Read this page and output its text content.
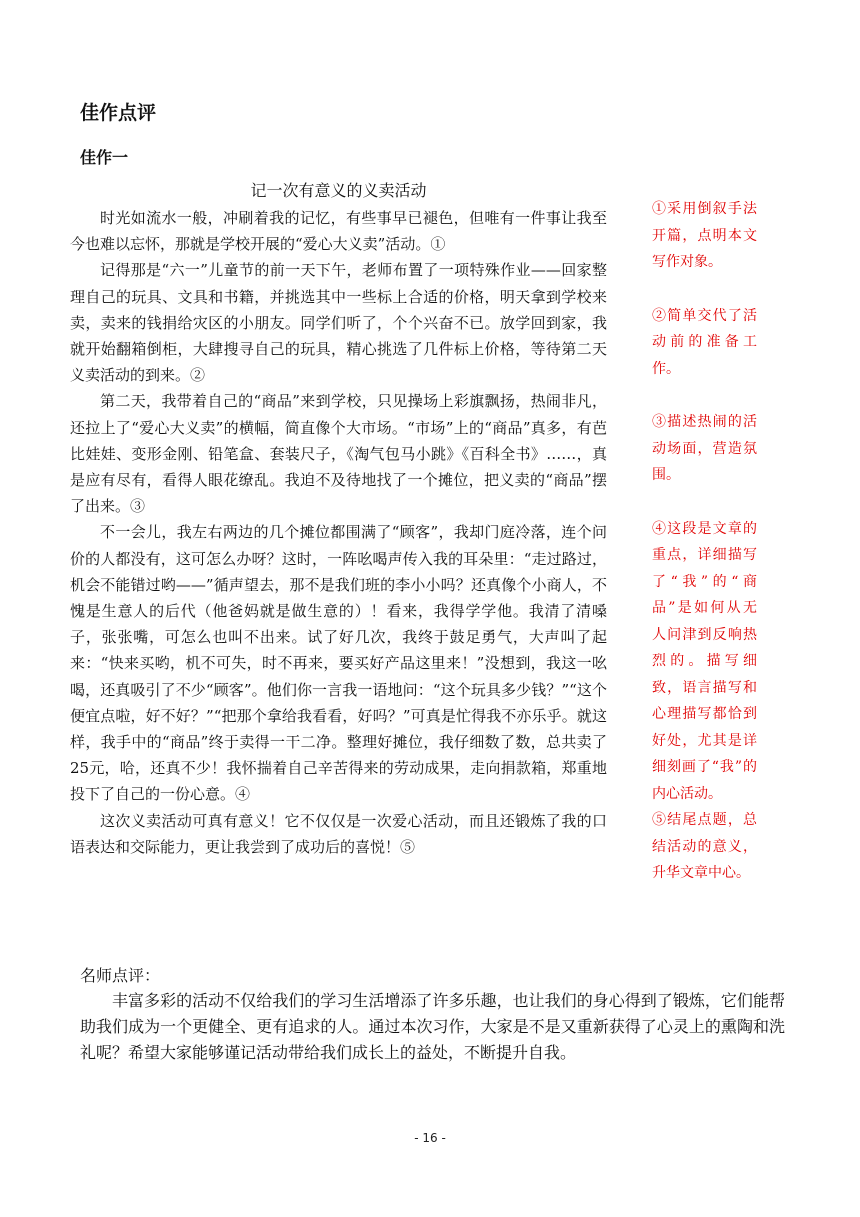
佳作点评
佳作一
记一次有意义的义卖活动

时光如流水一般，冲刷着我的记忆，有些事早已褪色，但唯有一件事让我至今也难以忘怀，那就是学校开展的“爱心大义卖”活动。①

记得那是“六一”儿童节的前一天下午，老师布置了一项特殊作业——回家整理自己的玩具、文具和书籍，并挑选其中一些标上合适的价格，明天拿到学校来卖，卖来的钱捐给灾区的小朋友。同学们听了，个个兴奋不已。放学回到家，我就开始翻箱倒柜，大肆搜寻自己的玩具，精心挑选了几件标上价格，等待第二天义卖活动的到来。②

第二天，我带着自己的“商品”来到学校，只见操场上彩旗飘扬，热闹非凡，还拉上了“爱心大义卖”的横幅，简直像个大市场。“市场”上的“商品”真多，有芭比娃娃、变形金刚、铅笔盒、套装尺子，《淘气包马小跳》《百科全书》……，真是应有尽有，看得人眼花缭乱。我迫不及待地找了一个摊位，把义卖的“商品”摆了出来。③

不一会儿，我左右两边的几个摊位都围满了“顾客”，我却门庭冷落，连个问价的人都没有，这可怎么办呀？这时，一阵吆喝声传入我的耳朵里：“走过路过，机会不能错过哟——”循声望去，那不是我们班的李小小吗？还真像个小商人，不愧是生意人的后代（他爸妈就是做生意的）！看来，我得学学他。我清了清嗓子，张张嘴，可怎么也叫不出来。试了好几次，我终于鼓足勇气，大声叫了起来：“快来买哟，机不可失，时不再来，要买好产品这里来！”没想到，我这一吆喝，还真吸引了不少“顾客”。他们你一言我一语地问：“这个玩具多少钱？”“这个便宜点啦，好不好？”“把那个拿给我看看，好吗？”可真是忙得我不亦乐乎。就这样，我手中的“商品”终于卖得一干二净。整理好摊位，我仔细数了数，总共卖了25元，哈，还真不少！我怀揣着自己辛苦得来的劳动成果，走向捐款箱，郑重地投下了自己的一份心意。④

这次义卖活动可真有意义！它不仅仅是一次爱心活动，而且还锻炼了我的口语表达和交际能力，更让我尝到了成功后的喜悦！⑤

①采用倒叙手法开篇，点明本文写作对象。

②简单交代了活动前的准备工作。

③描述热闹的活动场面，营造氛围。

④这段是文章的重点，详细描写了“我”的“商品”是如何从无人问津到反响热烈的。描写细致，语言描写和心理描写都恰到好处，尤其是详细刻画了“我”的内心活动。

⑤结尾点题，总结活动的意义，升华文章中心。

名师点评：

丰富多彩的活动不仅给我们的学习生活增添了许多乐趣，也让我们的身心得到了锻炼，它们能帮助我们成为一个更健全、更有追求的人。通过本次习作，大家是不是又重新获得了心灵上的熏陶和洗礼呢？希望大家能够谨记活动带给我们成长上的益处，不断提升自我。

- 16 -
